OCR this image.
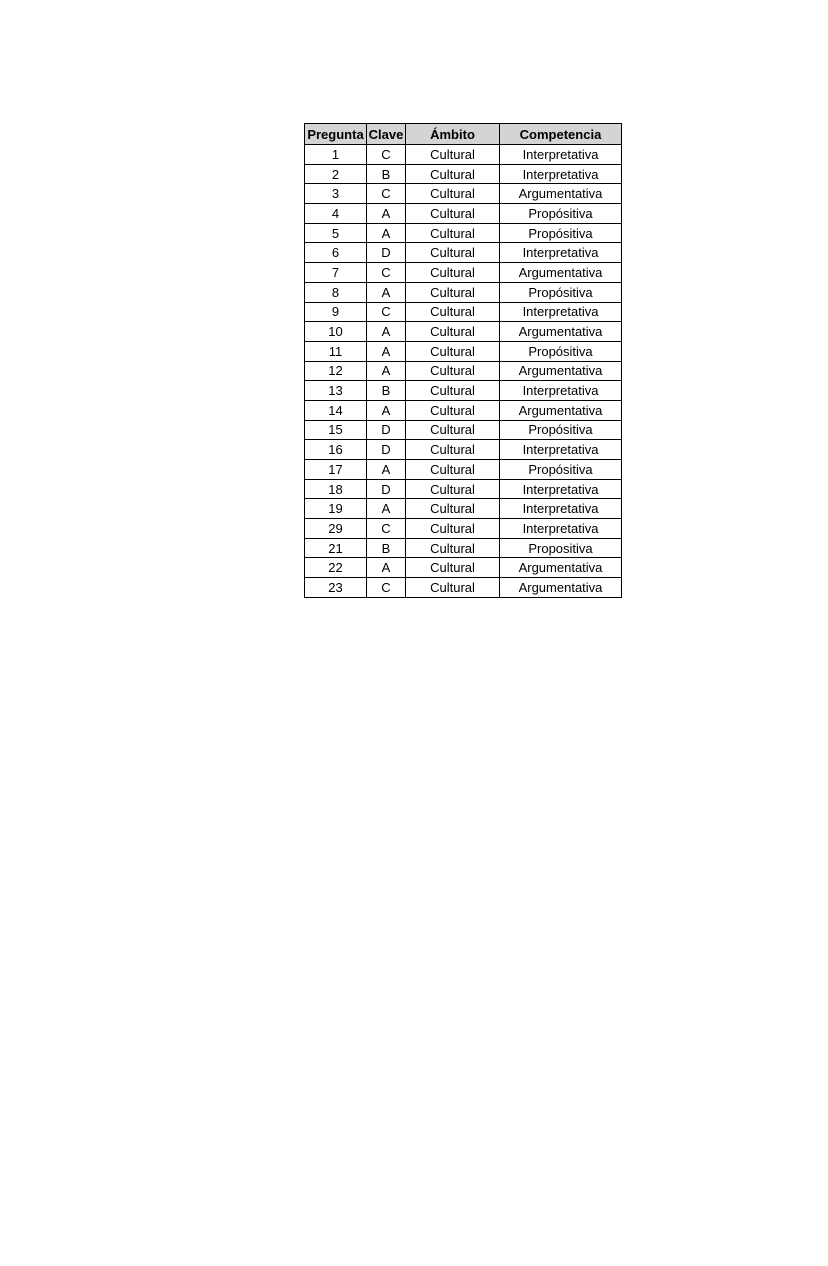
Pregunta	Clave	Ámbito	Competencia
1	C	Cultural	Interpretativa
2	B	Cultural	Interpretativa
3	C	Cultural	Argumentativa
4	A	Cultural	Propósitiva
5	A	Cultural	Propósitiva
6	D	Cultural	Interpretativa
7	C	Cultural	Argumentativa
8	A	Cultural	Propósitiva
9	C	Cultural	Interpretativa
10	A	Cultural	Argumentativa
11	A	Cultural	Propósitiva
12	A	Cultural	Argumentativa
13	B	Cultural	Interpretativa
14	A	Cultural	Argumentativa
15	D	Cultural	Propósitiva
16	D	Cultural	Interpretativa
17	A	Cultural	Propósitiva
18	D	Cultural	Interpretativa
19	A	Cultural	Interpretativa
29	C	Cultural	Interpretativa
21	B	Cultural	Propositiva
22	A	Cultural	Argumentativa
23	C	Cultural	Argumentativa
